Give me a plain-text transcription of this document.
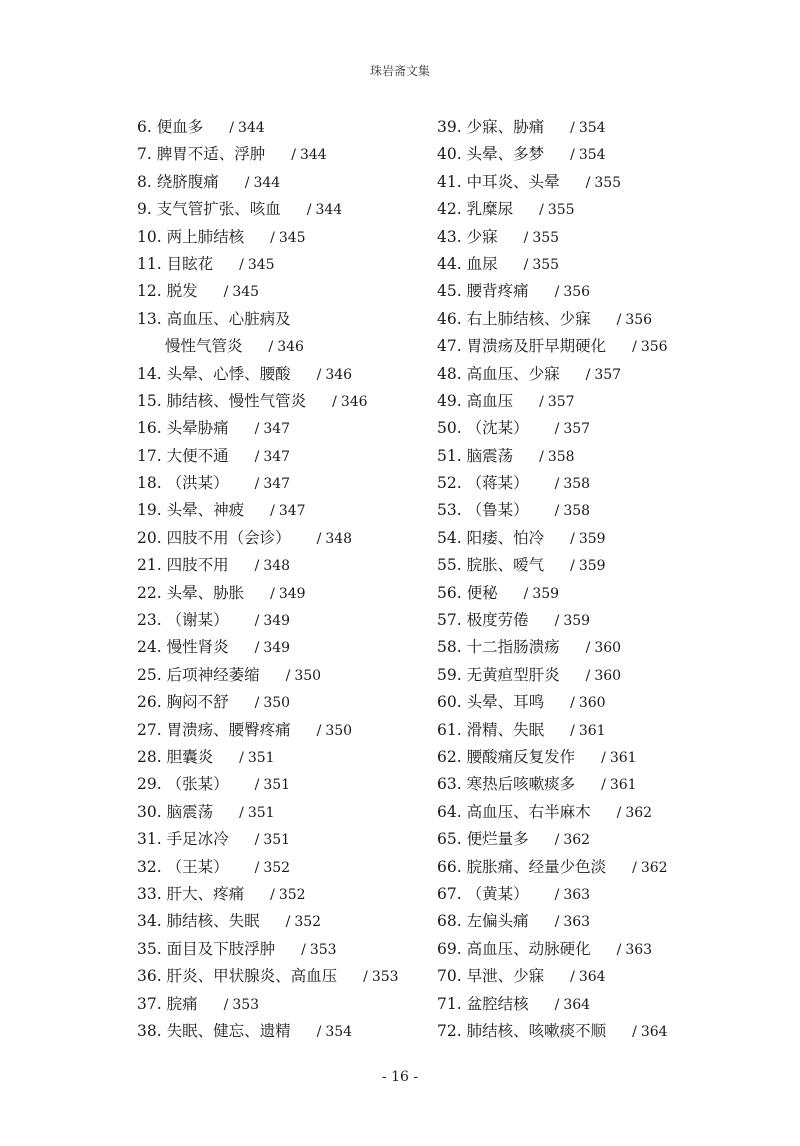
珠岩斋文集
6. 便血多 / 344
7. 脾胃不适、浮肿 / 344
8. 绕脐腹痛 / 344
9. 支气管扩张、咳血 / 344
10. 两上肺结核 / 345
11. 目眩花 / 345
12. 脱发 / 345
13. 高血压、心脏病及
慢性气管炎 / 346
14. 头晕、心悸、腰酸 / 346
15. 肺结核、慢性气管炎 / 346
16. 头晕胁痛 / 347
17. 大便不通 / 347
18. （洪某） / 347
19. 头晕、神疲 / 347
20. 四肢不用（会诊） / 348
21. 四肢不用 / 348
22. 头晕、胁胀 / 349
23. （谢某） / 349
24. 慢性肾炎 / 349
25. 后项神经萎缩 / 350
26. 胸闷不舒 / 350
27. 胃溃疡、腰臀疼痛 / 350
28. 胆囊炎 / 351
29. （张某） / 351
30. 脑震荡 / 351
31. 手足冰冷 / 351
32. （王某） / 352
33. 肝大、疼痛 / 352
34. 肺结核、失眠 / 352
35. 面目及下肢浮肿 / 353
36. 肝炎、甲状腺炎、高血压 / 353
37. 脘痛 / 353
38. 失眠、健忘、遗精 / 354
39. 少寐、胁痛 / 354
40. 头晕、多梦 / 354
41. 中耳炎、头晕 / 355
42. 乳糜尿 / 355
43. 少寐 / 355
44. 血尿 / 355
45. 腰背疼痛 / 356
46. 右上肺结核、少寐 / 356
47. 胃溃疡及肝早期硬化 / 356
48. 高血压、少寐 / 357
49. 高血压 / 357
50. （沈某） / 357
51. 脑震荡 / 358
52. （蒋某） / 358
53. （鲁某） / 358
54. 阳痿、怕冷 / 359
55. 脘胀、嗳气 / 359
56. 便秘 / 359
57. 极度劳倦 / 359
58. 十二指肠溃疡 / 360
59. 无黄疸型肝炎 / 360
60. 头晕、耳鸣 / 360
61. 滑精、失眠 / 361
62. 腰酸痛反复发作 / 361
63. 寒热后咳嗽痰多 / 361
64. 高血压、右半麻木 / 362
65. 便烂量多 / 362
66. 脘胀痛、经量少色淡 / 362
67. （黄某） / 363
68. 左偏头痛 / 363
69. 高血压、动脉硬化 / 363
70. 早泄、少寐 / 364
71. 盆腔结核 / 364
72. 肺结核、咳嗽痰不顺 / 364
- 16 -
